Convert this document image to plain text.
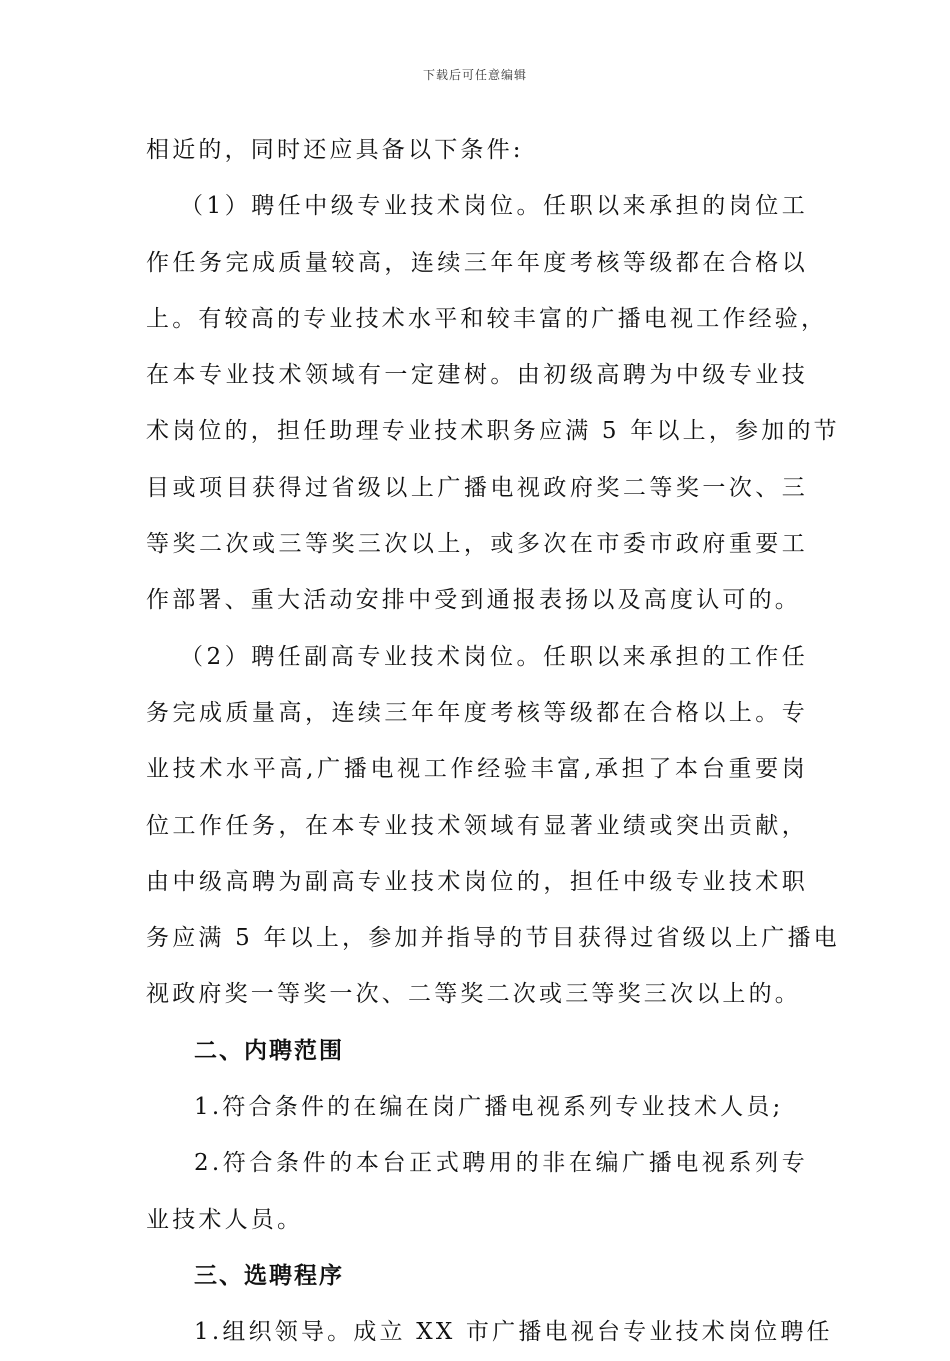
下载后可任意编辑
相近的，同时还应具备以下条件:
（1）聘任中级专业技术岗位。任职以来承担的岗位工
作任务完成质量较高，连续三年年度考核等级都在合格以
上。有较高的专业技术水平和较丰富的广播电视工作经验，
在本专业技术领域有一定建树。由初级高聘为中级专业技
术岗位的，担任助理专业技术职务应满 5 年以上，参加的节
目或项目获得过省级以上广播电视政府奖二等奖一次、三
等奖二次或三等奖三次以上，或多次在市委市政府重要工
作部署、重大活动安排中受到通报表扬以及高度认可的。
（2）聘任副高专业技术岗位。任职以来承担的工作任
务完成质量高，连续三年年度考核等级都在合格以上。专
业技术水平高,广播电视工作经验丰富,承担了本台重要岗
位工作任务，在本专业技术领域有显著业绩或突出贡献，
由中级高聘为副高专业技术岗位的，担任中级专业技术职
务应满 5 年以上，参加并指导的节目获得过省级以上广播电
视政府奖一等奖一次、二等奖二次或三等奖三次以上的。
二、内聘范围
1.符合条件的在编在岗广播电视系列专业技术人员;
2.符合条件的本台正式聘用的非在编广播电视系列专
业技术人员。
三、选聘程序
1.组织领导。成立 XX 市广播电视台专业技术岗位聘任
